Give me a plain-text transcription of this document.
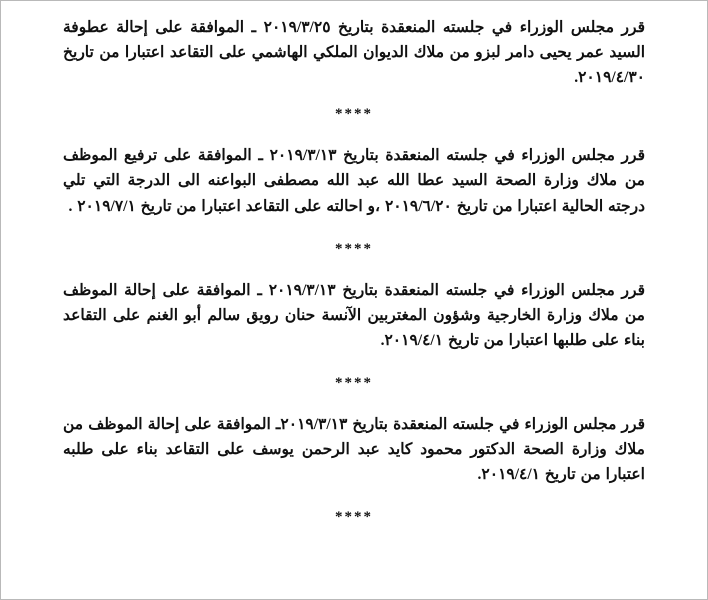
قرر مجلس الوزراء في جلسته المنعقدة بتاريخ ٢٠١٩/٣/٢٥ ـ الموافقة على إحالة عطوفة السيد عمر يحيى دامر لبزو من ملاك الديوان الملكي الهاشمي على التقاعد اعتبارا من تاريخ ٢٠١٩/٤/٣٠.

****

قرر مجلس الوزراء في جلسته المنعقدة بتاريخ ٢٠١٩/٣/١٣ ـ الموافقة على ترفيع الموظف من ملاك وزارة الصحة السيد عطا الله عبد الله مصطفى البواعنه الى الدرجة التي تلي درجته الحالية اعتبارا من تاريخ ٢٠١٩/٦/٢٠ ،و احالته على التقاعد اعتبارا من تاريخ ٢٠١٩/٧/١ .

****

قرر مجلس الوزراء في جلسته المنعقدة بتاريخ ٢٠١٩/٣/١٣ ـ الموافقة على إحالة الموظف من ملاك وزارة الخارجية وشؤون المغتربين الآنسة حنان رويق سالم أبو الغنم على التقاعد بناء على طلبها اعتبارا من تاريخ ٢٠١٩/٤/١.

****

قرر مجلس الوزراء في جلسته المنعقدة بتاريخ ٢٠١٩/٣/١٣ـ الموافقة على إحالة الموظف من ملاك وزارة الصحة الدكتور محمود كايد عبد الرحمن يوسف على التقاعد بناء على طلبه اعتبارا من تاريخ ٢٠١٩/٤/١.

****
